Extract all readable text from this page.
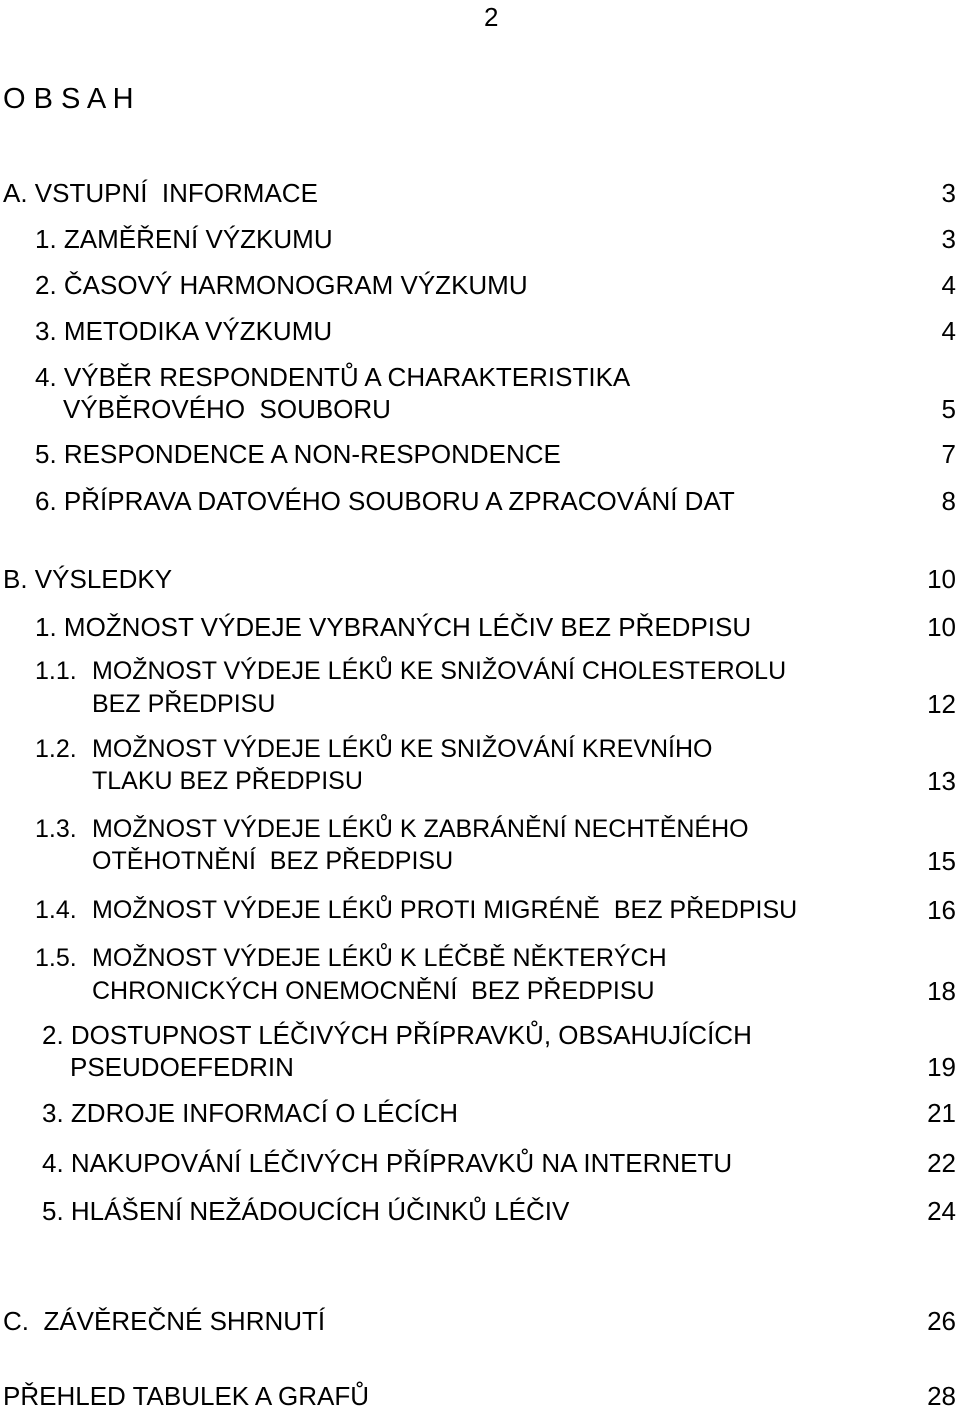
2
O B S A H
A. VSTUPNÍ  INFORMACE	3
1. ZAMĚŘENÍ VÝZKUMU	3
2. ČASOVÝ HARMONOGRAM VÝZKUMU	4
3. METODIKA VÝZKUMU	4
4. VÝBĚR RESPONDENTŮ A CHARAKTERISTIKA
VÝBĚROVÉHO  SOUBORU	5
5. RESPONDENCE A NON-RESPONDENCE	7
6. PŘÍPRAVA DATOVÉHO SOUBORU A ZPRACOVÁNÍ DAT	8
B. VÝSLEDKY	10
1. MOŽNOST VÝDEJE VYBRANÝCH LÉČIV BEZ PŘEDPISU	10
1.1. MOŽNOST VÝDEJE LÉKŮ KE SNIŽOVÁNÍ CHOLESTEROLU
BEZ PŘEDPISU	12
1.2. MOŽNOST VÝDEJE LÉKŮ KE SNIŽOVÁNÍ KREVNÍHO
TLAKU BEZ PŘEDPISU	13
1.3. MOŽNOST VÝDEJE LÉKŮ K ZABRÁNĚNÍ NECHTĚNÉHO
OTĚHOTNĚNÍ  BEZ PŘEDPISU	15
1.4. MOŽNOST VÝDEJE LÉKŮ PROTI MIGRÉNĚ  BEZ PŘEDPISU	16
1.5. MOŽNOST VÝDEJE LÉKŮ K LÉČBĚ NĚKTERÝCH
CHRONICKÝCH ONEMOCNĚNÍ  BEZ PŘEDPISU	18
2. DOSTUPNOST LÉČIVÝCH PŘÍPRAVKŮ, OBSAHUJÍCÍCH
PSEUDOEFEDRIN	19
3. ZDROJE INFORMACÍ O LÉCÍCH	21
4. NAKUPOVÁNÍ LÉČIVÝCH PŘÍPRAVKŮ NA INTERNETU	22
5. HLÁŠENÍ NEŽÁDOUCÍCH ÚČINKŮ LÉČIV	24
C.  ZÁVĚREČNÉ SHRNUTÍ	26
PŘEHLED TABULEK A GRAFŮ	28
